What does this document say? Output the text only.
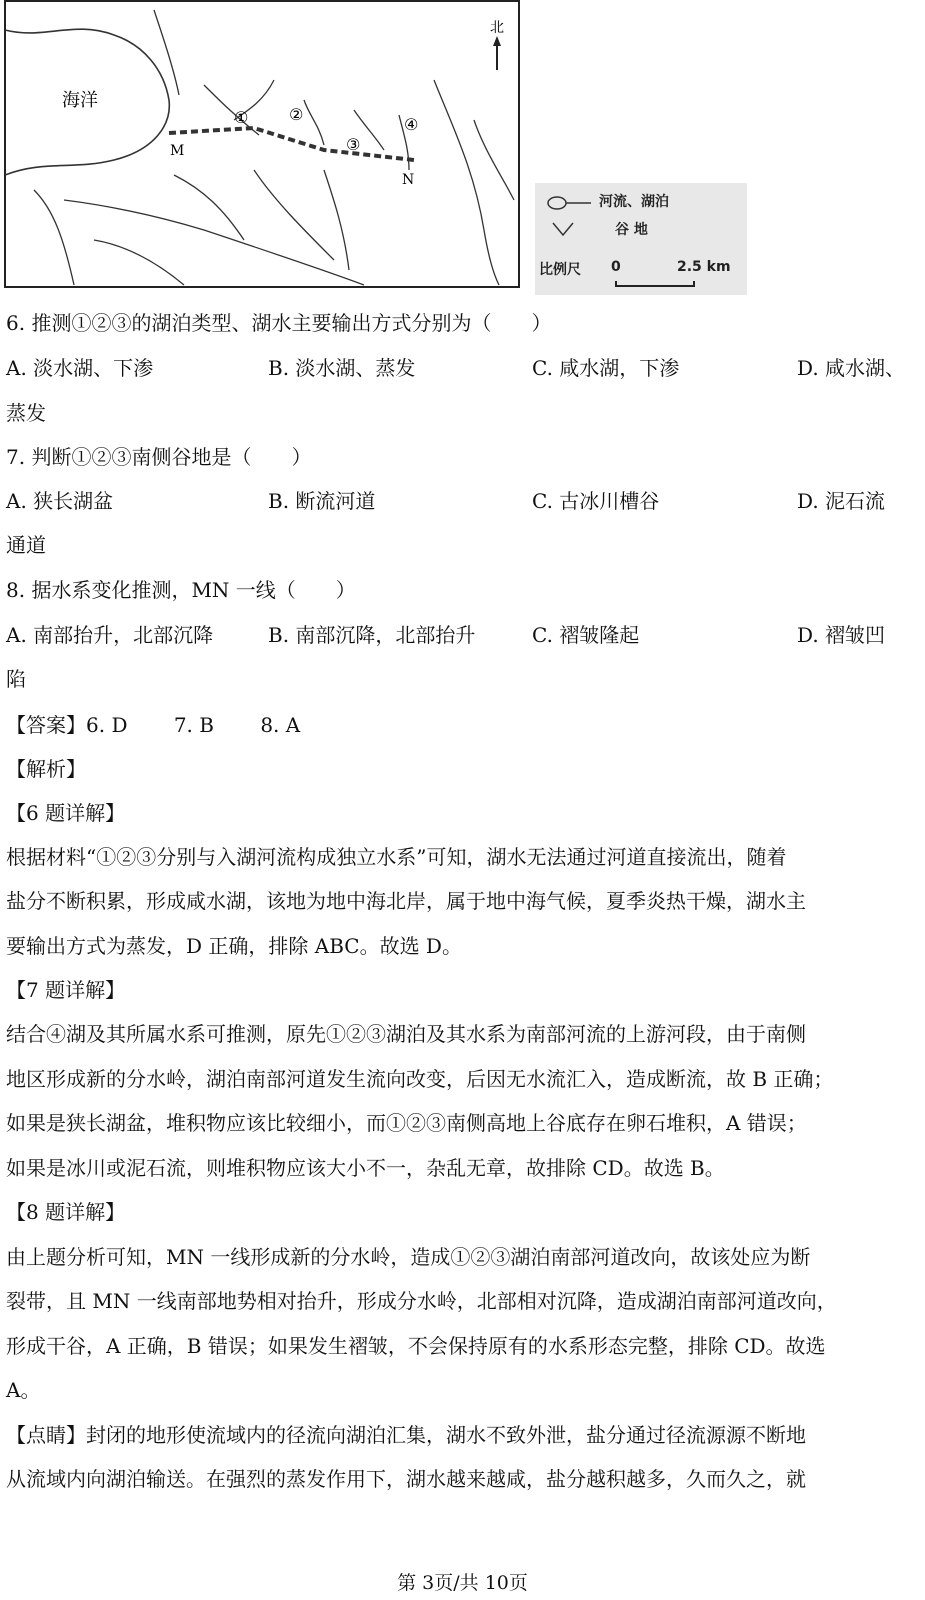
北
海洋
M
N
①	②
③
④
河流、湖泊
谷 地
比例尺 0	2.5 km
6. 推测①②③的湖泊类型、湖水主要输出方式分别为（　　）
A. 淡水湖、下渗	B. 淡水湖、蒸发	C. 咸水湖，下渗	D. 咸水湖、
蒸发
7. 判断①②③南侧谷地是（　　）
A. 狭长湖盆	B. 断流河道	C. 古冰川槽谷	D. 泥石流
通道
8. 据水系变化推测，MN 一线（　　）
A. 南部抬升，北部沉降	B. 南部沉降，北部抬升	C. 褶皱隆起	D. 褶皱凹
陷
【答案】6. D　　 7. B　　 8. A
【解析】
【6 题详解】
根据材料“①②③分别与入湖河流构成独立水系”可知，湖水无法通过河道直接流出，随着
盐分不断积累，形成咸水湖，该地为地中海北岸，属于地中海气候，夏季炎热干燥，湖水主
要输出方式为蒸发，D 正确，排除 ABC。故选 D。
【7 题详解】
结合④湖及其所属水系可推测，原先①②③湖泊及其水系为南部河流的上游河段，由于南侧
地区形成新的分水岭，湖泊南部河道发生流向改变，后因无水流汇入，造成断流，故 B 正确；
如果是狭长湖盆，堆积物应该比较细小，而①②③南侧高地上谷底存在卵石堆积，A 错误；
如果是冰川或泥石流，则堆积物应该大小不一，杂乱无章，故排除 CD。故选 B。
【8 题详解】
由上题分析可知，MN 一线形成新的分水岭，造成①②③湖泊南部河道改向，故该处应为断
裂带，且 MN 一线南部地势相对抬升，形成分水岭，北部相对沉降，造成湖泊南部河道改向，
形成干谷，A 正确，B 错误；如果发生褶皱，不会保持原有的水系形态完整，排除 CD。故选
A。
【点睛】封闭的地形使流域内的径流向湖泊汇集，湖水不致外泄，盐分通过径流源源不断地
从流域内向湖泊输送。在强烈的蒸发作用下，湖水越来越咸，盐分越积越多，久而久之，就
第 3页/共 10页
